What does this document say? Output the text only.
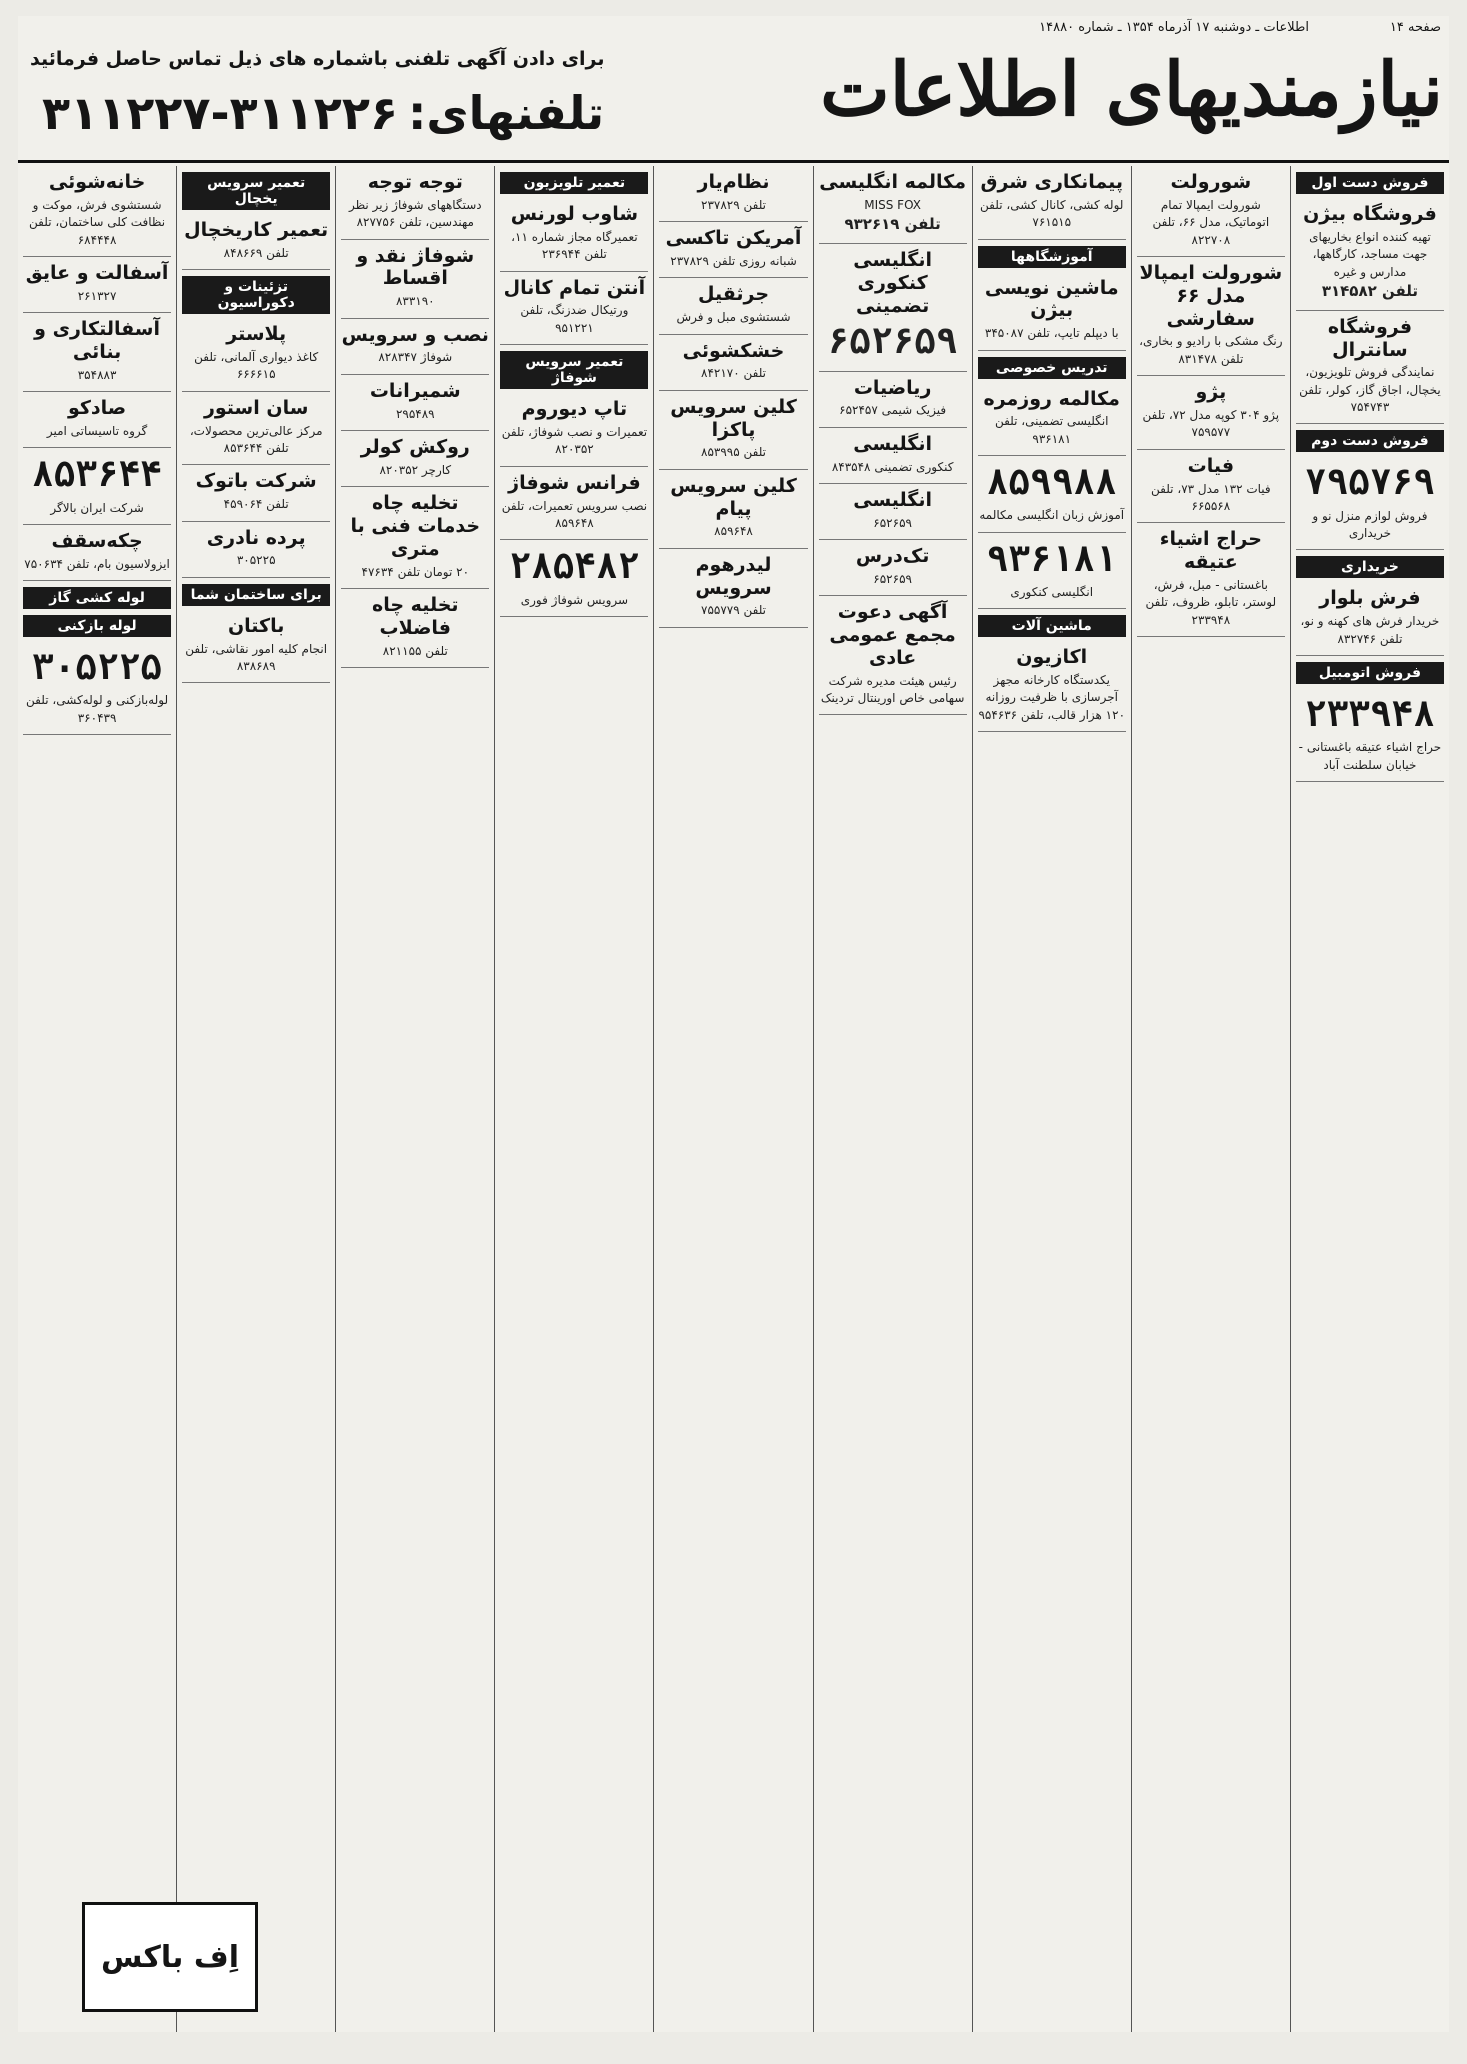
صفحه ۱۴
اطلاعات ـ دوشنبه ۱۷ آذرماه ۱۳۵۴ ـ شماره ۱۴۸۸۰
نیازمندیهای اطلاعات
برای دادن آگهی تلفنی باشماره های ذیل تماس حاصل فرمائید
تلفنهای:۳۱۱۲۲۶-۳۱۱۲۲۷
فروش دست اول
فروشگاه بیژن

تهیه کننده انواع بخاریهای جهت مساجد، کارگاهها، مدارس و غیره

تلفن ۳۱۴۵۸۲

فروشگاه سانترال

نمایندگی فروش تلویزیون، یخچال، اجاق گاز، کولر، تلفن ۷۵۴۷۴۳

فروش دست دوم
۷۹۵۷۶۹

فروش لوازم منزل نو و خریداری

خریداری
فرش بلوار

خریدار فرش های کهنه و نو، تلفن ۸۳۲۷۴۶

فروش اتومبیل
۲۳۳۹۴۸

حراج اشیاء عتیقه باغستانی - خیابان سلطنت آباد

شورولت

شورولت ایمپالا تمام اتوماتیک، مدل ۶۶، تلفن ۸۲۲۷۰۸

شورولت ایمپالا مدل ۶۶ سفارشی

رنگ مشکی با رادیو و بخاری، تلفن ۸۳۱۴۷۸

پژو

پژو ۳۰۴ کوپه مدل ۷۲، تلفن ۷۵۹۵۷۷

فیات

فیات ۱۳۲ مدل ۷۳، تلفن ۶۶۵۵۶۸

حراج اشیاء عتیقه

باغستانی - مبل، فرش، لوستر، تابلو، ظروف، تلفن ۲۳۳۹۴۸

پیمانکاری شرق

لوله کشی، کانال کشی، تلفن ۷۶۱۵۱۵

آموزشگاهها
ماشین نویسی بیژن

با دیپلم تایپ، تلفن ۳۴۵۰۸۷

تدریس خصوصی
مکالمه روزمره

انگلیسی تضمینی، تلفن ۹۳۶۱۸۱

۸۵۹۹۸۸

آموزش زبان انگلیسی مکالمه

۹۳۶۱۸۱

انگلیسی کنکوری

ماشین آلات
اکازیون

یکدستگاه کارخانه مجهز آجرسازی با ظرفیت روزانه ۱۲۰ هزار قالب، تلفن ۹۵۴۶۳۶

مکالمه انگلیسی

MISS FOX

تلفن ۹۳۲۶۱۹

انگلیسی کنکوری تضمینی

۶۵۲۶۵۹

ریاضیات

فیزیک شیمی ۶۵۲۴۵۷

انگلیسی

کنکوری تضمینی ۸۴۳۵۴۸

انگلیسی

۶۵۲۶۵۹

تک‌درس

۶۵۲۶۵۹

آگهی دعوت مجمع عمومی عادی

رئیس هیئت مدیره شرکت سهامی خاص اورینتال تردینک

نظام‌یار

تلفن ۲۳۷۸۲۹

آمریکن تاکسی

شبانه روزی تلفن ۲۳۷۸۲۹

جرثقیل

شستشوی مبل و فرش

خشکشوئی

تلفن ۸۴۲۱۷۰

کلین سرویس پاکزا

تلفن ۸۵۳۹۹۵

کلین سرویس پیام

۸۵۹۶۴۸

لیدرهوم سرویس

تلفن ۷۵۵۷۷۹

تعمیر تلویزیون
شاوب لورنس

تعمیرگاه مجاز شماره ۱۱، تلفن ۲۳۶۹۴۴

آنتن تمام کانال

ورتیکال ضدزنگ، تلفن ۹۵۱۲۲۱

تعمیر سرویس شوفاژ
تاپ دیوروم

تعمیرات و نصب شوفاژ، تلفن ۸۲۰۳۵۲

فرانس شوفاژ

نصب سرویس تعمیرات، تلفن ۸۵۹۶۴۸

۲۸۵۴۸۲

سرویس شوفاژ فوری

توجه توجه

دستگاههای شوفاژ زیر نظر مهندسین، تلفن ۸۲۷۷۵۶

شوفاژ نقد و اقساط

۸۳۳۱۹۰

نصب و سرویس

شوفاژ ۸۲۸۳۴۷

شمیرانات

۲۹۵۴۸۹

روکش کولر

کارچر ۸۲۰۳۵۲

تخلیه چاه خدمات فنی با متری

۲۰ تومان تلفن ۴۷۶۳۴

تخلیه چاه فاضلاب

تلفن ۸۲۱۱۵۵

تعمیر سرویس یخچال
تعمیر کاریخچال

تلفن ۸۴۸۶۶۹

تزئینات و دکوراسیون
پلاستر

کاغذ دیواری آلمانی، تلفن ۶۶۶۶۱۵

سان استور

مرکز عالی‌ترین محصولات، تلفن ۸۵۳۶۴۴

شرکت باتوک

تلفن ۴۵۹۰۶۴

پرده نادری

۳۰۵۲۲۵

برای ساختمان شما
باکتان

انجام کلیه امور نقاشی، تلفن ۸۳۸۶۸۹

خانه‌شوئی

شستشوی فرش، موکت و نظافت کلی ساختمان، تلفن ۶۸۴۴۴۸

آسفالت و عایق

۲۶۱۳۲۷

آسفالتکاری و بنائی

۳۵۴۸۸۳

صادکو

گروه تاسیساتی امیر

۸۵۳۶۴۴

شرکت ایران بالاگر

چکه‌سقف

ایزولاسیون بام، تلفن ۷۵۰۶۳۴

لوله کشی گاز
لوله بازکنی
۳۰۵۲۲۵

لوله‌بازکنی و لوله‌کشی، تلفن ۳۶۰۴۳۹

اِف باکس
